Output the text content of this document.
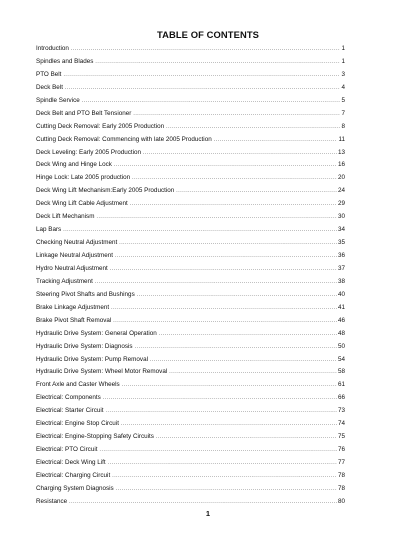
TABLE OF CONTENTS
Introduction .....	1
Spindles and Blades .....	1
PTO Belt .....	3
Deck Belt .....	4
Spindle Service .....	5
Deck Belt and PTO Belt Tensioner .....	7
Cutting Deck Removal: Early 2005 Production .....	8
Cutting Deck Removal: Commencing with late 2005 Production .....	11
Deck Leveling: Early 2005 Production .....	13
Deck Wing and Hinge Lock .....	16
Hinge Lock: Late 2005 production .....	20
Deck Wing Lift Mechanism:Early 2005 Production .....	24
Deck Wing Lift Cable Adjustment .....	29
Deck Lift Mechanism .....	30
Lap Bars .....	34
Checking Neutral Adjustment .....	35
Linkage Neutral Adjustment .....	36
Hydro Neutral Adjustment .....	37
Tracking Adjustment .....	38
Steering Pivot Shafts and Bushings .....	40
Brake Linkage Adjustment .....	41
Brake Pivot Shaft Removal .....	46
Hydraulic Drive System: General Operation .....	48
Hydraulic Drive System: Diagnosis .....	50
Hydraulic Drive System: Pump Removal .....	54
Hydraulic Drive System: Wheel Motor Removal .....	58
Front Axle and Caster Wheels .....	61
Electrical: Components .....	66
Electrical: Starter Circuit .....	73
Electrical: Engine Stop Circuit .....	74
Electrical: Engine-Stopping Safety Circuits .....	75
Electrical: PTO Circuit .....	76
Electrical: Deck Wing Lift .....	77
Electrical: Charging Circuit .....	78
Charging System Diagnosis .....	78
Resistance .....	80
1
